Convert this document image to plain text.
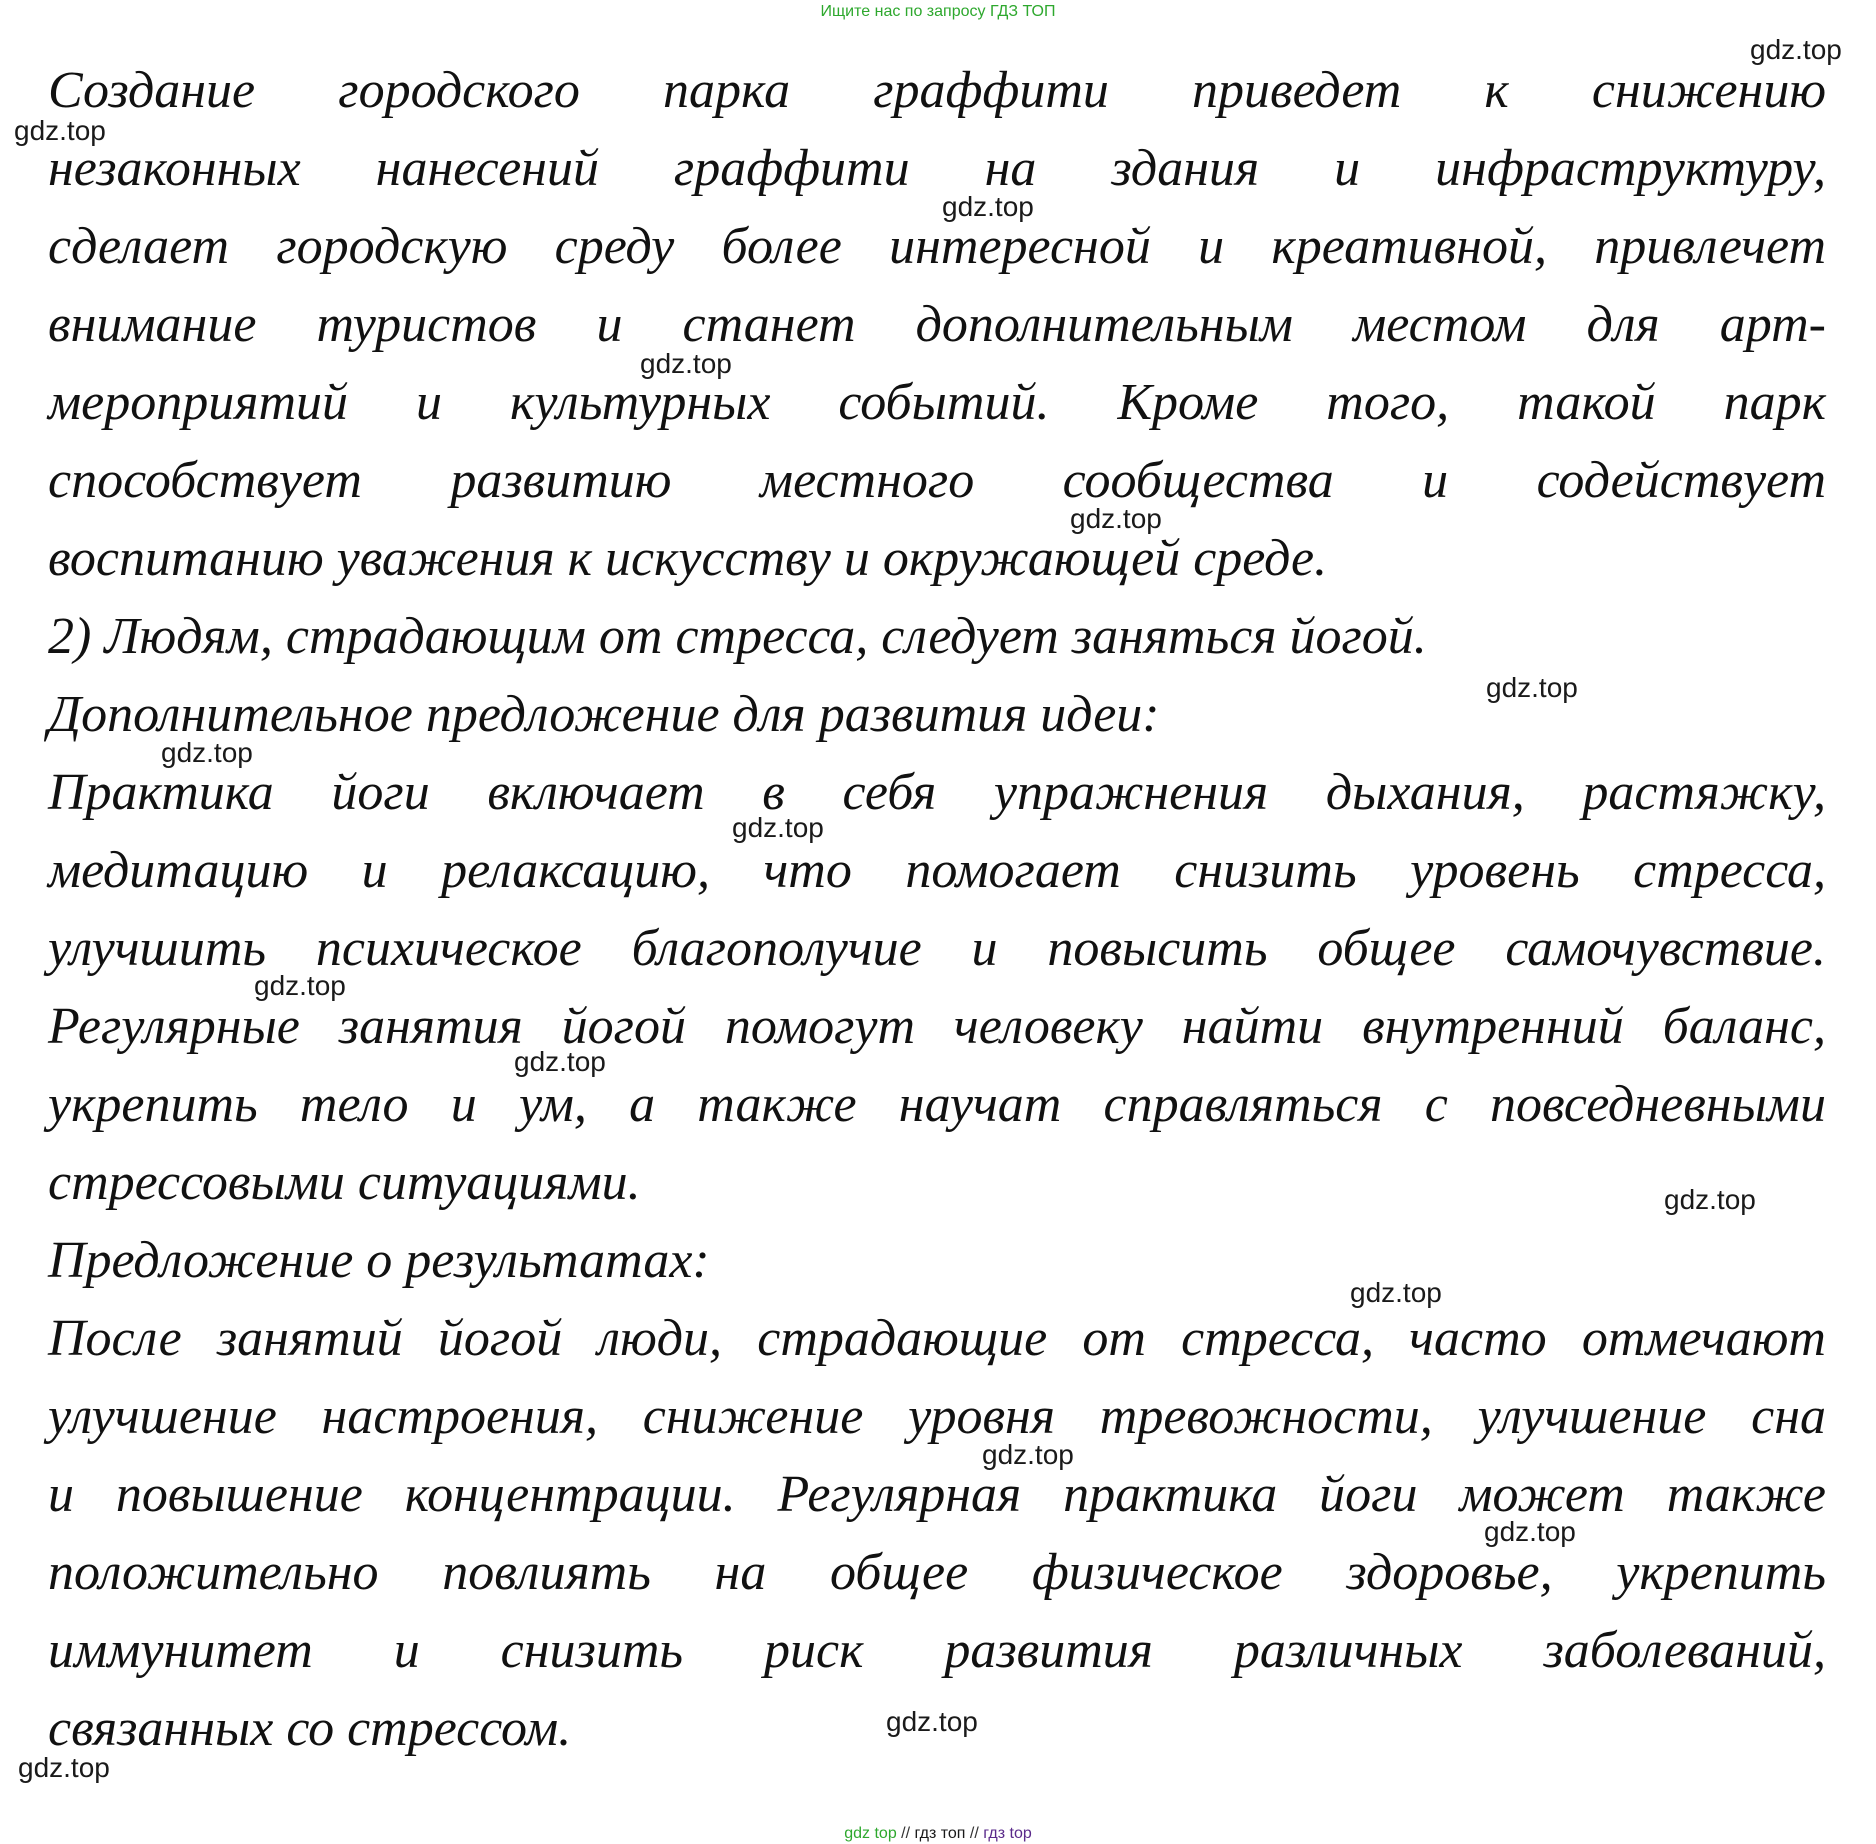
Ищите нас по запросу ГДЗ ТОП
Создание городского парка граффити приведет к снижению
незаконных нанесений граффити на здания и инфраструктуру,
сделает городскую среду более интересной и креативной, привлечет
внимание туристов и станет дополнительным местом для арт-
мероприятий и культурных событий. Кроме того, такой парк
способствует развитию местного сообщества и содействует
воспитанию уважения к искусству и окружающей среде.
2) Людям, страдающим от стресса, следует заняться йогой.
Дополнительное предложение для развития идеи:
Практика йоги включает в себя упражнения дыхания, растяжку,
медитацию и релаксацию, что помогает снизить уровень стресса,
улучшить психическое благополучие и повысить общее самочувствие.
Регулярные занятия йогой помогут человеку найти внутренний баланс,
укрепить тело и ум, а также научат справляться с повседневными
стрессовыми ситуациями.
Предложение о результатах:
После занятий йогой люди, страдающие от стресса, часто отмечают
улучшение настроения, снижение уровня тревожности, улучшение сна
и повышение концентрации. Регулярная практика йоги может также
положительно повлиять на общее физическое здоровье, укрепить
иммунитет и снизить риск развития различных заболеваний,
связанных со стрессом.
gdz.top
gdz.top
gdz.top
gdz.top
gdz.top
gdz.top
gdz.top
gdz.top
gdz.top
gdz.top
gdz.top
gdz.top
gdz.top
gdz.top
gdz.top
gdz.top
gdz top // гдз топ // гдз top
